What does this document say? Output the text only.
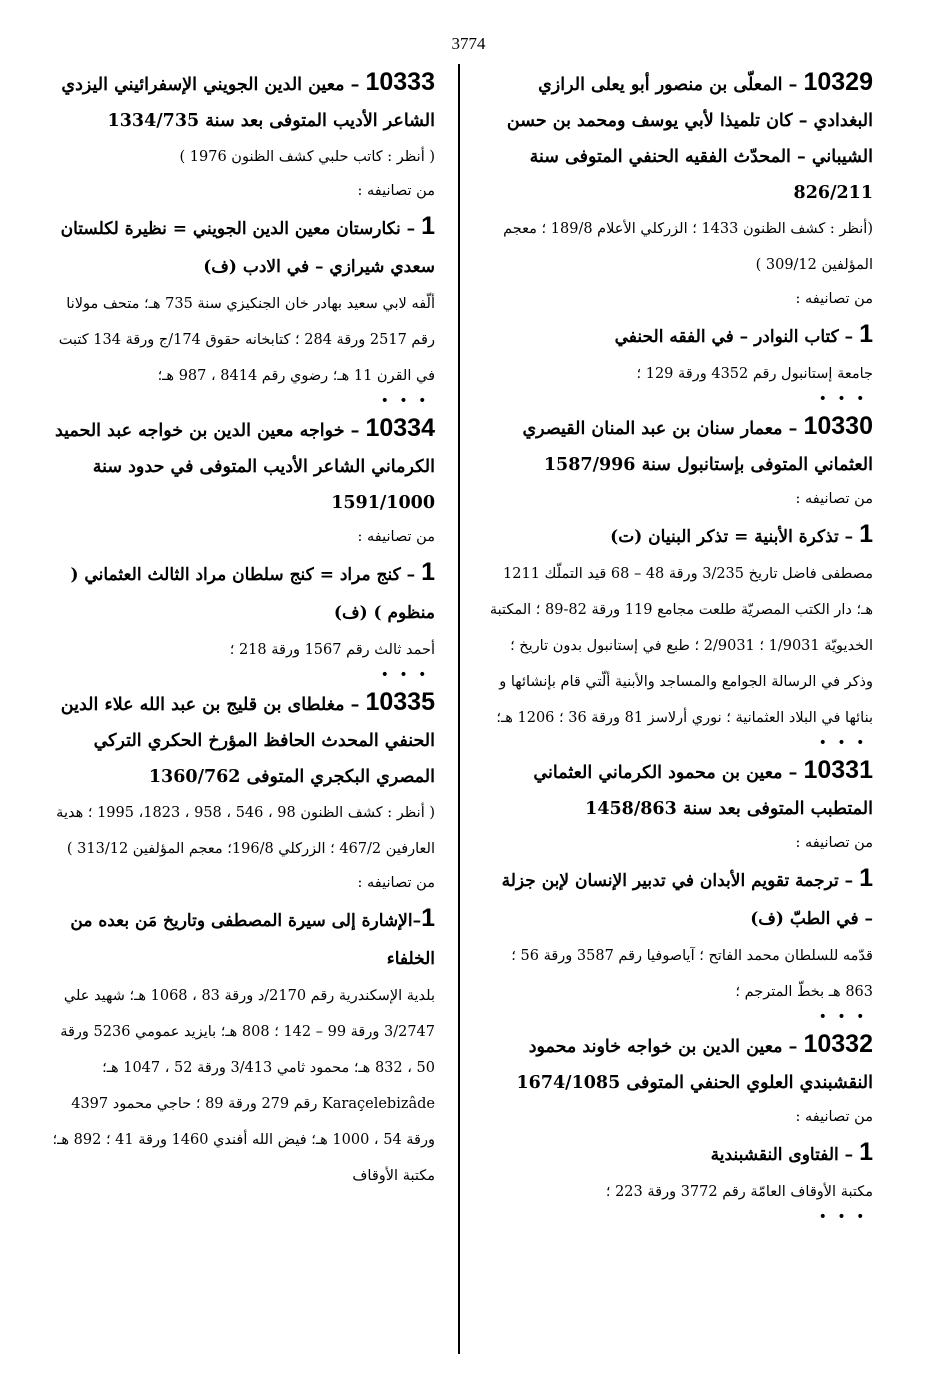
3774
10329 – المعلّى بن منصور أبو يعلى الرازي البغدادي – كان تلميذا لأبي يوسف ومحمد بن حسن الشيباني – المحدّث الفقيه الحنفي المتوفى سنة 826/211
(أنظر : كشف الظنون 1433 ؛ الزركلي الأعلام 189/8 ؛ معجم المؤلفين 309/12 )
من تصانيفه :
1 – كتاب النوادر – في الفقه الحنفي
جامعة إستانبول رقم 4352 ورقة 129 ؛
• • •
10330 – معمار سنان بن عبد المنان القيصري العثماني المتوفى بإستانبول سنة 1587/996
من تصانيفه :
1 – تذكرة الأبنية = تذكر البنيان (ت)
مصطفى فاضل تاريخ 3/235 ورقة 48 – 68 قيد التملّك 1211 هـ؛ دار الكتب المصريّة طلعت مجامع 119 ورقة 82-89 ؛ المكتبة الخديويّة 1/9031 ؛ 2/9031 ؛ طبع في إستانبول بدون تاريخ ؛ وذكر في الرسالة الجوامع والمساجد والأبنية ألّتي قام بإنشائها و بنائها في البلاد العثمانية ؛ نوري أرلاسز 81 ورقة 36 ؛ 1206 هـ؛
• • •
10331 – معين بن محمود الكرماني العثماني المتطبب المتوفى بعد سنة 1458/863
من تصانيفه :
1 – ترجمة تقويم الأبدان في تدبير الإنسان لإبن جزلة – في الطبّ (ف)
قدّمه للسلطان محمد الفاتح ؛ آياصوفيا رقم 3587 ورقة 56 ؛ 863 هـ بخطّ المترجم ؛
• • •
10332 – معين الدين بن خواجه خاوند محمود النقشبندي العلوي الحنفي المتوفى 1674/1085
من تصانيفه :
1 – الفتاوى النقشبندية
مكتبة الأوقاف العامّة رقم 3772 ورقة 223 ؛
• • •
10333 – معين الدين الجويني الإسفرائيني اليزدي الشاعر الأديب المتوفى بعد سنة 1334/735
( أنظر : كاتب حلبي كشف الظنون 1976 )
من تصانيفه :
1 – نكارستان معين الدين الجويني = نظيرة لكلستان سعدي شيرازي – في الادب (ف)
ألّفه لابي سعيد بهادر خان الجنكيزي سنة 735 هـ؛ متحف مولانا رقم 2517 ورقة 284 ؛ كتابخانه حقوق 174/ج ورقة 134 كتبت في القرن 11 هـ؛ رضوي رقم 8414 ، 987 هـ؛
• • •
10334 – خواجه معين الدين بن خواجه عبد الحميد الكرماني الشاعر الأديب المتوفى في حدود سنة 1591/1000
من تصانيفه :
1 – كنج مراد = كنج سلطان مراد الثالث العثماني ( منظوم ) (ف)
أحمد ثالث رقم 1567 ورقة 218 ؛
• • •
10335 – مغلطاى بن قليج بن عبد الله علاء الدين الحنفي المحدث الحافظ المؤرخ الحكري التركي المصري البكجري المتوفى 1360/762
( أنظر : كشف الظنون 98 ، 546 ، 958 ، 1823، 1995 ؛ هدية العارفين 467/2 ؛ الزركلي 196/8؛ معجم المؤلفين 313/12 )
من تصانيفه :
1–الإشارة إلى سيرة المصطفى وتاريخ مَن بعده من الخلفاء
بلدية الإسكندرية رقم 2170/د ورقة 83 ، 1068 هـ؛ شهيد علي 3/2747 ورقة 99 – 142 ؛ 808 هـ؛ بايزيد عمومي 5236 ورقة 50 ، 832 هـ؛ محمود ثامي 3/413 ورقة 52 ، 1047 هـ؛ Karaçelebizâde رقم 279 ورقة 89 ؛ حاجي محمود 4397 ورقة 54 ، 1000 هـ؛ فيض الله أفندي 1460 ورقة 41 ؛ 892 هـ؛ مكتبة الأوقاف
